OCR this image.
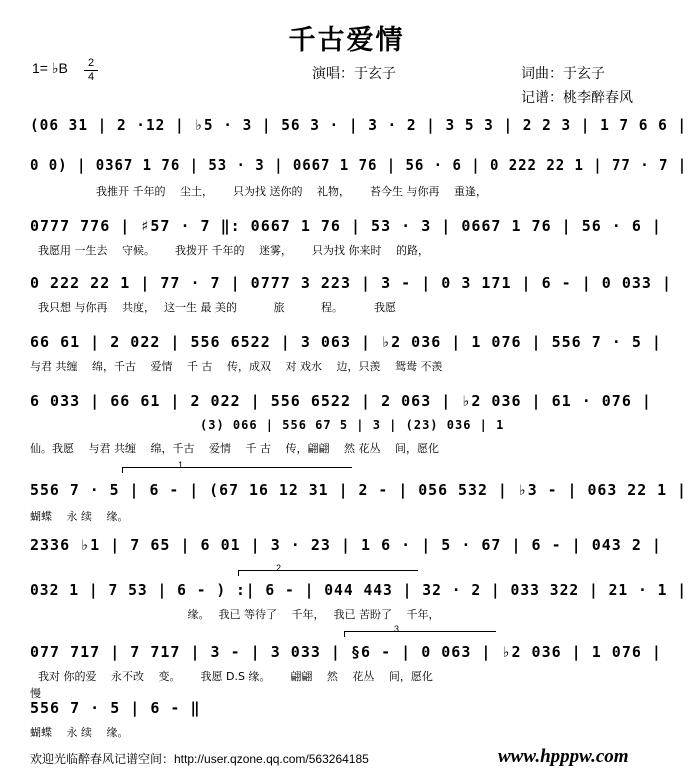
千古爱情
1= ♭B	2
4	演唱：于玄子	词曲：于玄子
记谱：桃李醉春风
(06 31 | 2 ·12 | ♭5 · 3 | 56 3 · | 3 · 2 | 3 5 3 | 2 2 3 | 1 7 6 6 |
0 0) | 0367 1 76 | 53 · 3 | 0667 1 76 | 56 · 6 | 0 222 22 1 | 77 · 7 |
我推开 千年的　 尘土，　　 只为找 送你的　 礼物，　　 苔今生 与你再　 重逢，
0777 776 | ♯57 · 7 ‖: 0667 1 76 | 53 · 3 | 0667 1 76 | 56 · 6 |
我愿用 一生去　 守候。　　 我拨开 千年的　 迷雾，　　 只为找 你来时　 的路，
0 222 22 1 | 77 · 7 | 0777 3 223 | 3 - | 0 3 171 | 6 - | 0 033 |
我只想 与你再　 共度，　 这一生 最 美的　　　 旅　　　 程。　　　 我愿
66 61 | 2 022 | 556 6522 | 3 063 | ♭2 036 | 1 076 | 556 7 · 5 |
与君 共缠　 绵，千古　 爱情　 千 古　 传，成双　 对 戏水　 边，只羡　 鸳鸯 不羡
6 033 | 66 61 | 2 022 | 556 6522 | 2 063 | ♭2 036 | 61 · 076 |
(3) 066 | 556 67 5 | 3 | (23) 036 | 1
仙。我愿　 与君 共缠　 绵，千古　 爱情　 千 古　 传，翩翩　 然 花丛　 间，愿化
1
556 7 · 5 | 6 - | (67 16 12 31 | 2 - | 056 532 | ♭3 - | 063 22 1 |
蝴蝶　 永 续　 缘。
2336 ♭1 | 7 65 | 6 01 | 3 · 23 | 1 6 · | 5 · 67 | 6 - | 043 2 |
2
032 1 | 7 53 | 6 - ) :| 6 - | 044 443 | 32 · 2 | 033 322 | 21 · 1 |
　　　　　　　　　　　　　　 缘。　 我已 等待了　 千年，　 我已 苦盼了　 千年，
3
077 717 | 7 717 | 3 - | 3 033 | §6 - | 0 063 | ♭2 036 | 1 076 |
我对 你的爱　 永不改　 变。　　 我愿 D.S 缘。　　 翩翩　 然　 花丛　 间，愿化
慢
556 7 · 5 | 6 - ‖
蝴蝶　 永 续　 缘。
欢迎光临醉春风记谱空间：http://user.qzone.qq.com/563264185	www.hpppw.com
